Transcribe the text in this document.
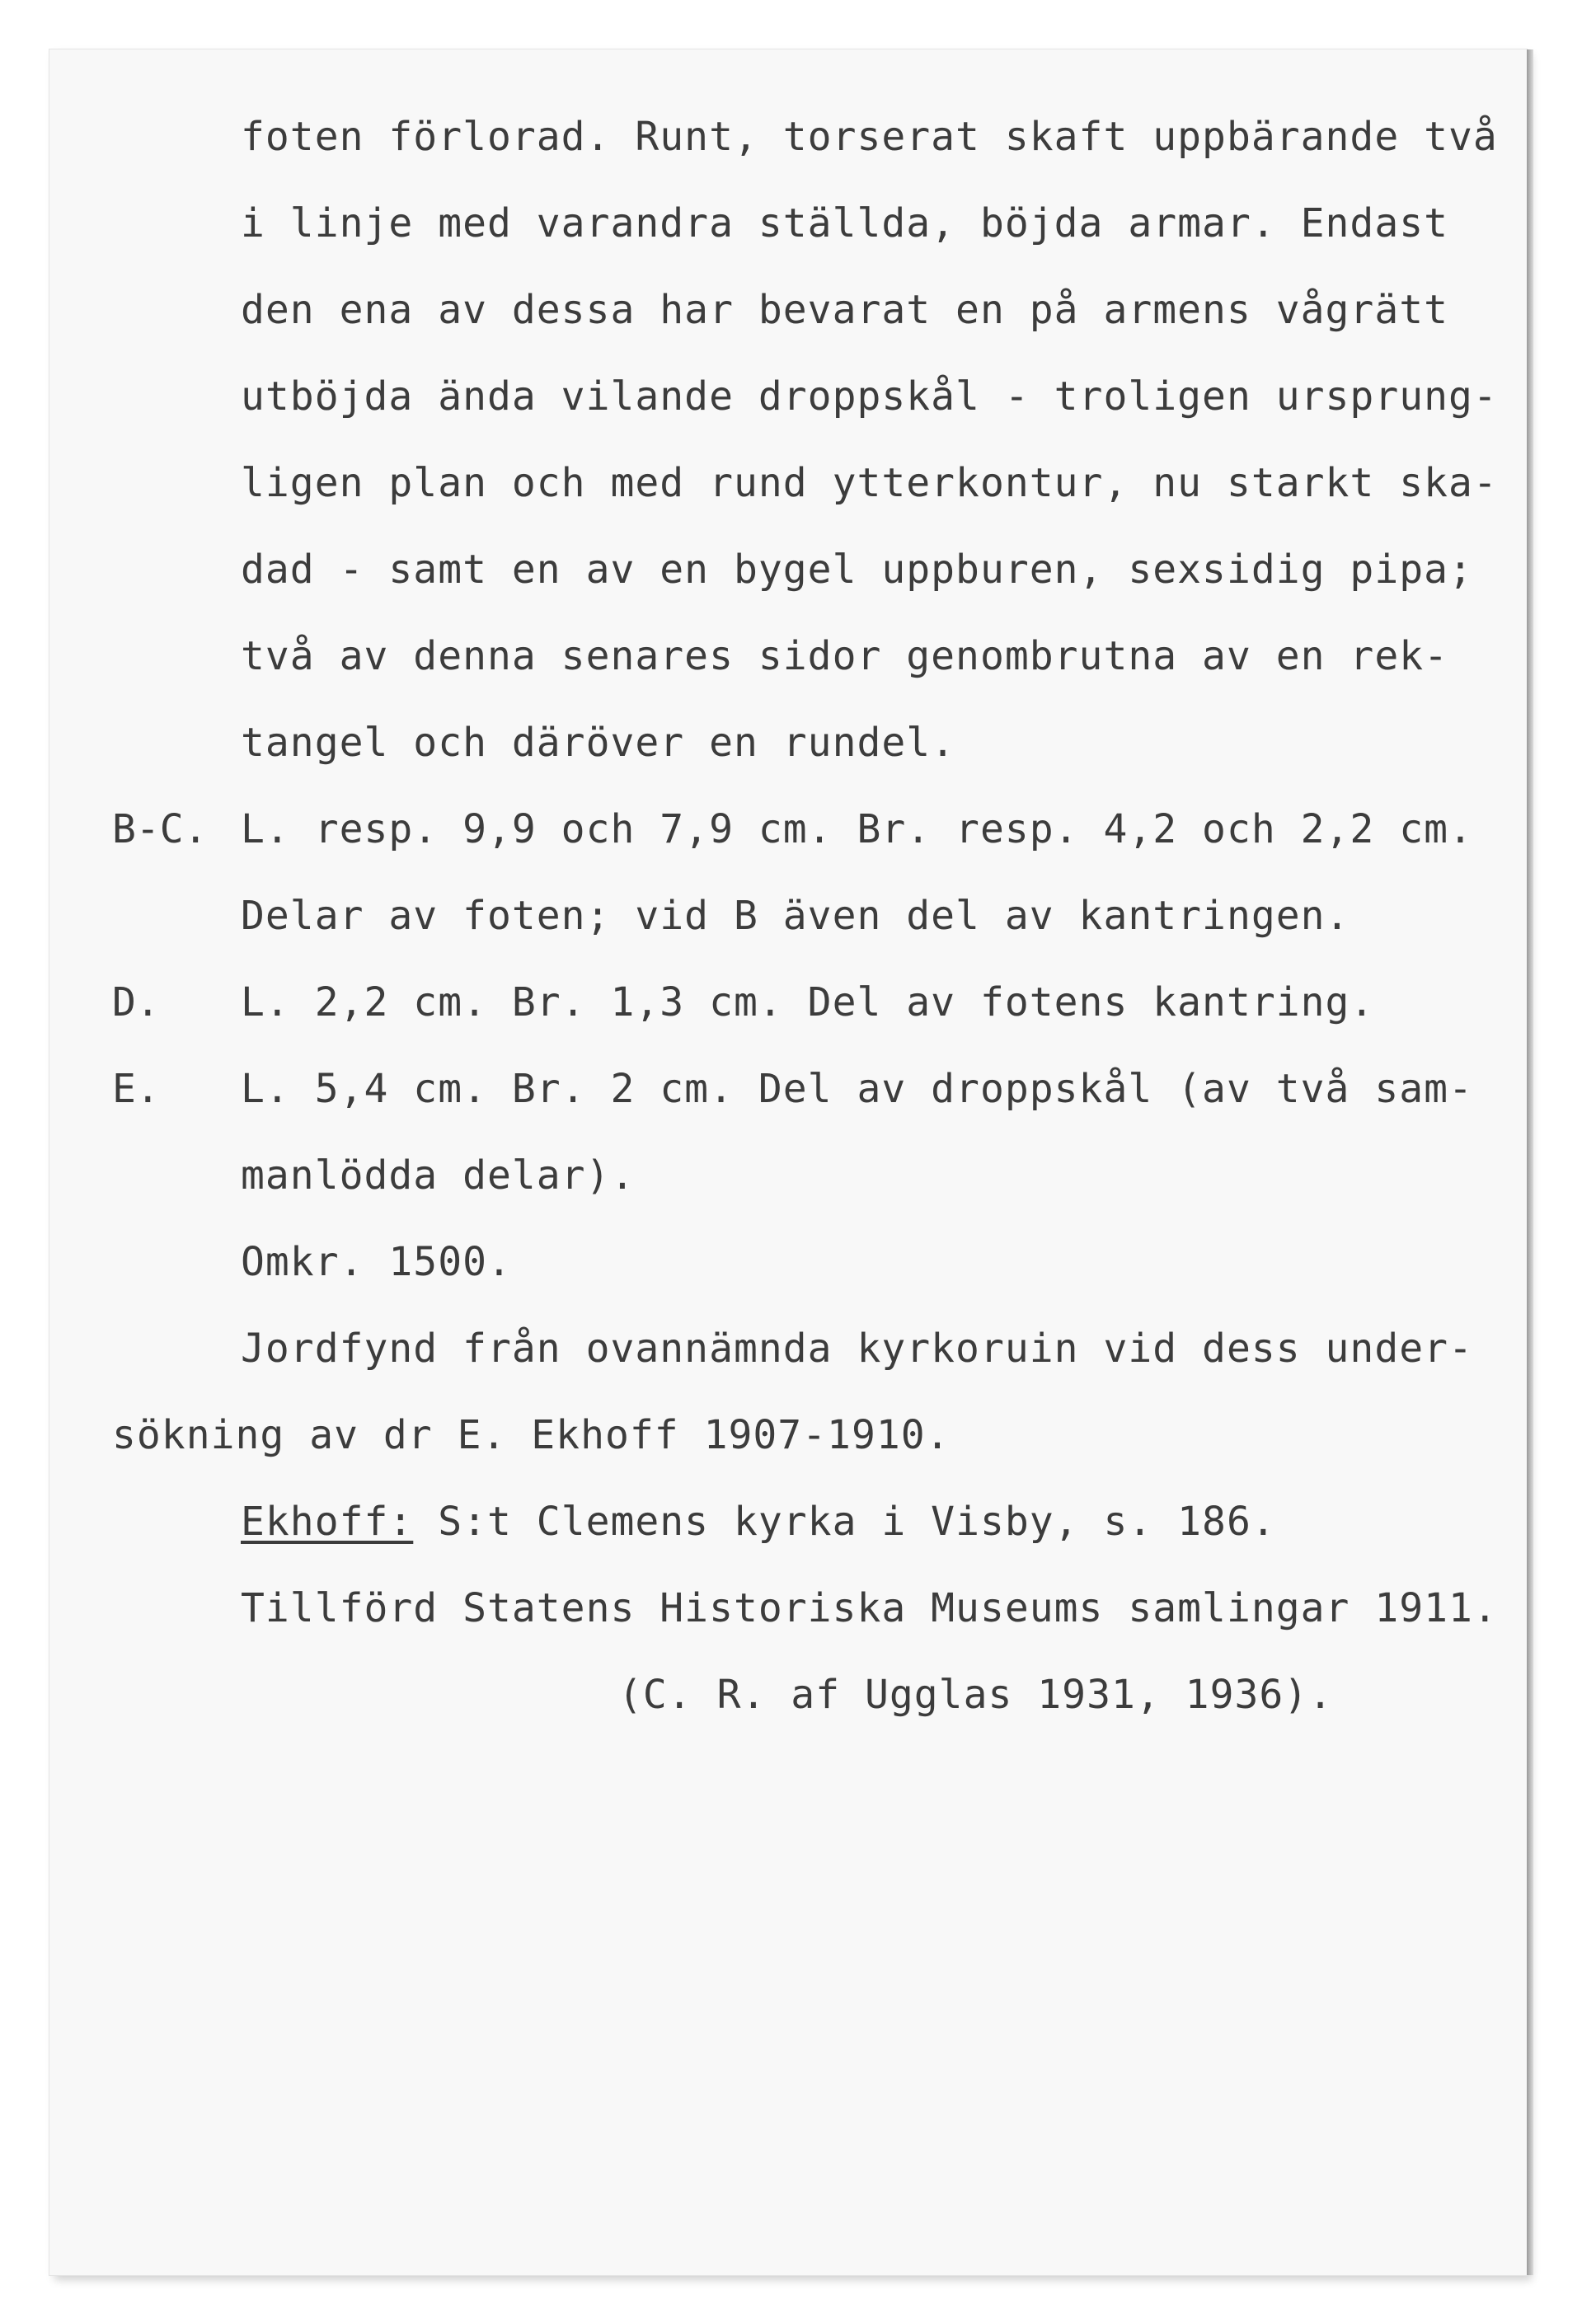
foten förlorad. Runt, torserat skaft uppbärande två

i linje med varandra ställda, böjda armar. Endast

den ena av dessa har bevarat en på armens vågrätt

utböjda ända vilande droppskål - troligen ursprung-

ligen plan och med rund ytterkontur, nu starkt ska-

dad - samt en av en bygel uppburen, sexsidig pipa;

två av denna senares sidor genombrutna av en rek-

tangel och däröver en rundel.

B-C. L. resp. 9,9 och 7,9 cm. Br. resp. 4,2 och 2,2 cm.

Delar av foten; vid B även del av kantringen.

D. L. 2,2 cm. Br. 1,3 cm. Del av fotens kantring.

E. L. 5,4 cm. Br. 2 cm. Del av droppskål (av två sam-

manlödda delar).

Omkr. 1500.

Jordfynd från ovannämnda kyrkoruin vid dess under-

sökning av dr E. Ekhoff 1907-1910.

Ekhoff: S:t Clemens kyrka i Visby, s. 186.

Tillförd Statens Historiska Museums samlingar 1911.

(C. R. af Ugglas 1931, 1936).
